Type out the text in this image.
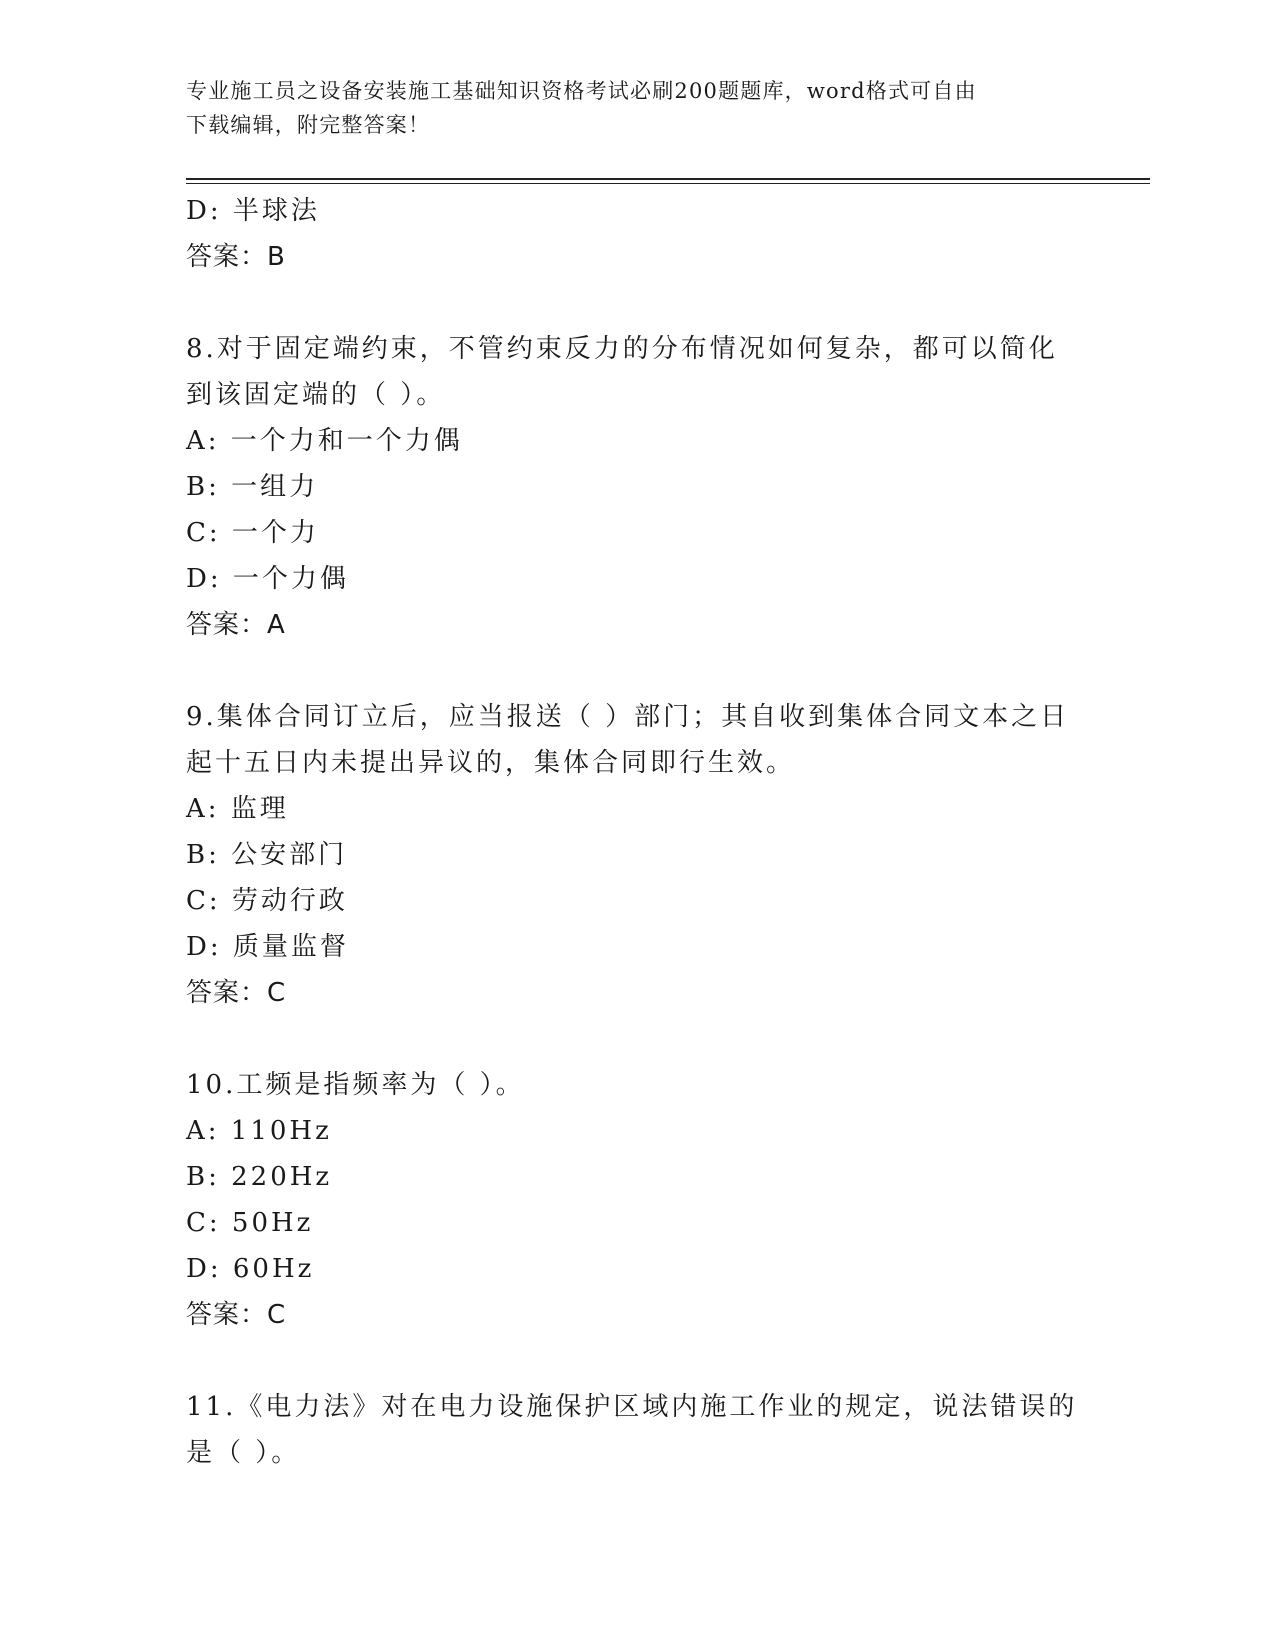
专业施工员之设备安装施工基础知识资格考试必刷200题题库，word格式可自由
下载编辑，附完整答案！
D: 半球法
答案：B
8.对于固定端约束，不管约束反力的分布情况如何复杂，都可以简化
到该固定端的（ ）。
A: 一个力和一个力偶
B: 一组力
C: 一个力
D: 一个力偶
答案：A
9.集体合同订立后，应当报送（ ）部门；其自收到集体合同文本之日
起十五日内未提出异议的，集体合同即行生效。
A: 监理
B: 公安部门
C: 劳动行政
D: 质量监督
答案：C
10.工频是指频率为（ ）。
A: 110Hz
B: 220Hz
C: 50Hz
D: 60Hz
答案：C
11.《电力法》对在电力设施保护区域内施工作业的规定，说法错误的
是（ ）。
